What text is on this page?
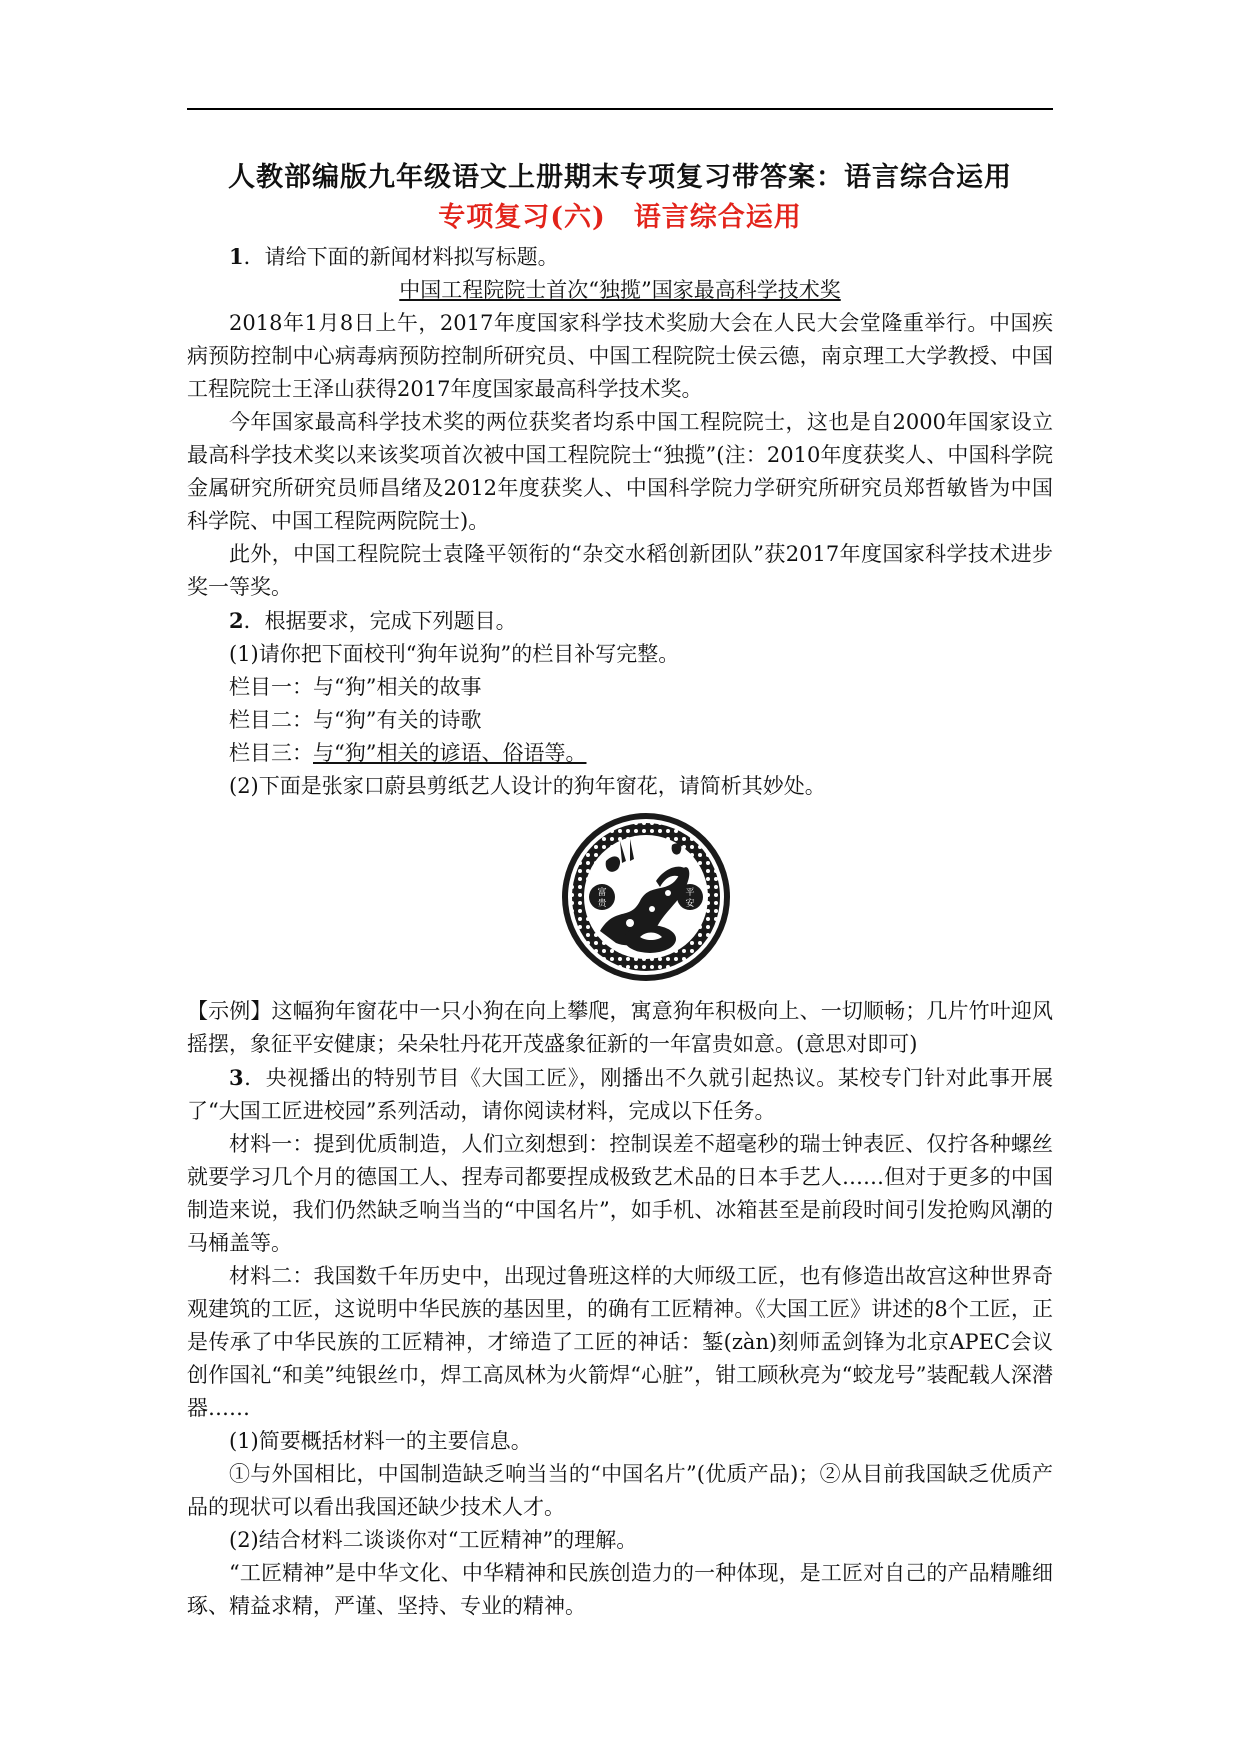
人教部编版九年级语文上册期末专项复习带答案：语言综合运用
专项复习(六) 语言综合运用

1．请给下面的新闻材料拟写标题。

中国工程院院士首次“独揽”国家最高科学技术奖

2018年1月8日上午，2017年度国家科学技术奖励大会在人民大会堂隆重举行。中国疾病预防控制中心病毒病预防控制所研究员、中国工程院院士侯云德，南京理工大学教授、中国工程院院士王泽山获得2017年度国家最高科学技术奖。

今年国家最高科学技术奖的两位获奖者均系中国工程院院士，这也是自2000年国家设立最高科学技术奖以来该奖项首次被中国工程院院士“独揽”(注：2010年度获奖人、中国科学院金属研究所研究员师昌绪及2012年度获奖人、中国科学院力学研究所研究员郑哲敏皆为中国科学院、中国工程院两院院士)。

此外，中国工程院院士袁隆平领衔的“杂交水稻创新团队”获2017年度国家科学技术进步奖一等奖。

2．根据要求，完成下列题目。

(1)请你把下面校刊“狗年说狗”的栏目补写完整。

栏目一：与“狗”相关的故事

栏目二：与“狗”有关的诗歌

栏目三：与“狗”相关的谚语、俗语等。

(2)下面是张家口蔚县剪纸艺人设计的狗年窗花，请简析其妙处。

富
贵
平
安

【示例】这幅狗年窗花中一只小狗在向上攀爬，寓意狗年积极向上、一切顺畅；几片竹叶迎风摇摆，象征平安健康；朵朵牡丹花开茂盛象征新的一年富贵如意。(意思对即可)

3．央视播出的特别节目《大国工匠》，刚播出不久就引起热议。某校专门针对此事开展了“大国工匠进校园”系列活动，请你阅读材料，完成以下任务。

材料一：提到优质制造，人们立刻想到：控制误差不超毫秒的瑞士钟表匠、仅拧各种螺丝就要学习几个月的德国工人、捏寿司都要捏成极致艺术品的日本手艺人……但对于更多的中国制造来说，我们仍然缺乏响当当的“中国名片”，如手机、冰箱甚至是前段时间引发抢购风潮的马桶盖等。

材料二：我国数千年历史中，出现过鲁班这样的大师级工匠，也有修造出故宫这种世界奇观建筑的工匠，这说明中华民族的基因里，的确有工匠精神。《大国工匠》讲述的8个工匠，正是传承了中华民族的工匠精神，才缔造了工匠的神话：錾(zàn)刻师孟剑锋为北京APEC会议创作国礼“和美”纯银丝巾，焊工高凤林为火箭焊“心脏”，钳工顾秋亮为“蛟龙号”装配载人深潜器……

(1)简要概括材料一的主要信息。

①与外国相比，中国制造缺乏响当当的“中国名片”(优质产品)；②从目前我国缺乏优质产品的现状可以看出我国还缺少技术人才。

(2)结合材料二谈谈你对“工匠精神”的理解。

“工匠精神”是中华文化、中华精神和民族创造力的一种体现，是工匠对自己的产品精雕细琢、精益求精，严谨、坚持、专业的精神。
